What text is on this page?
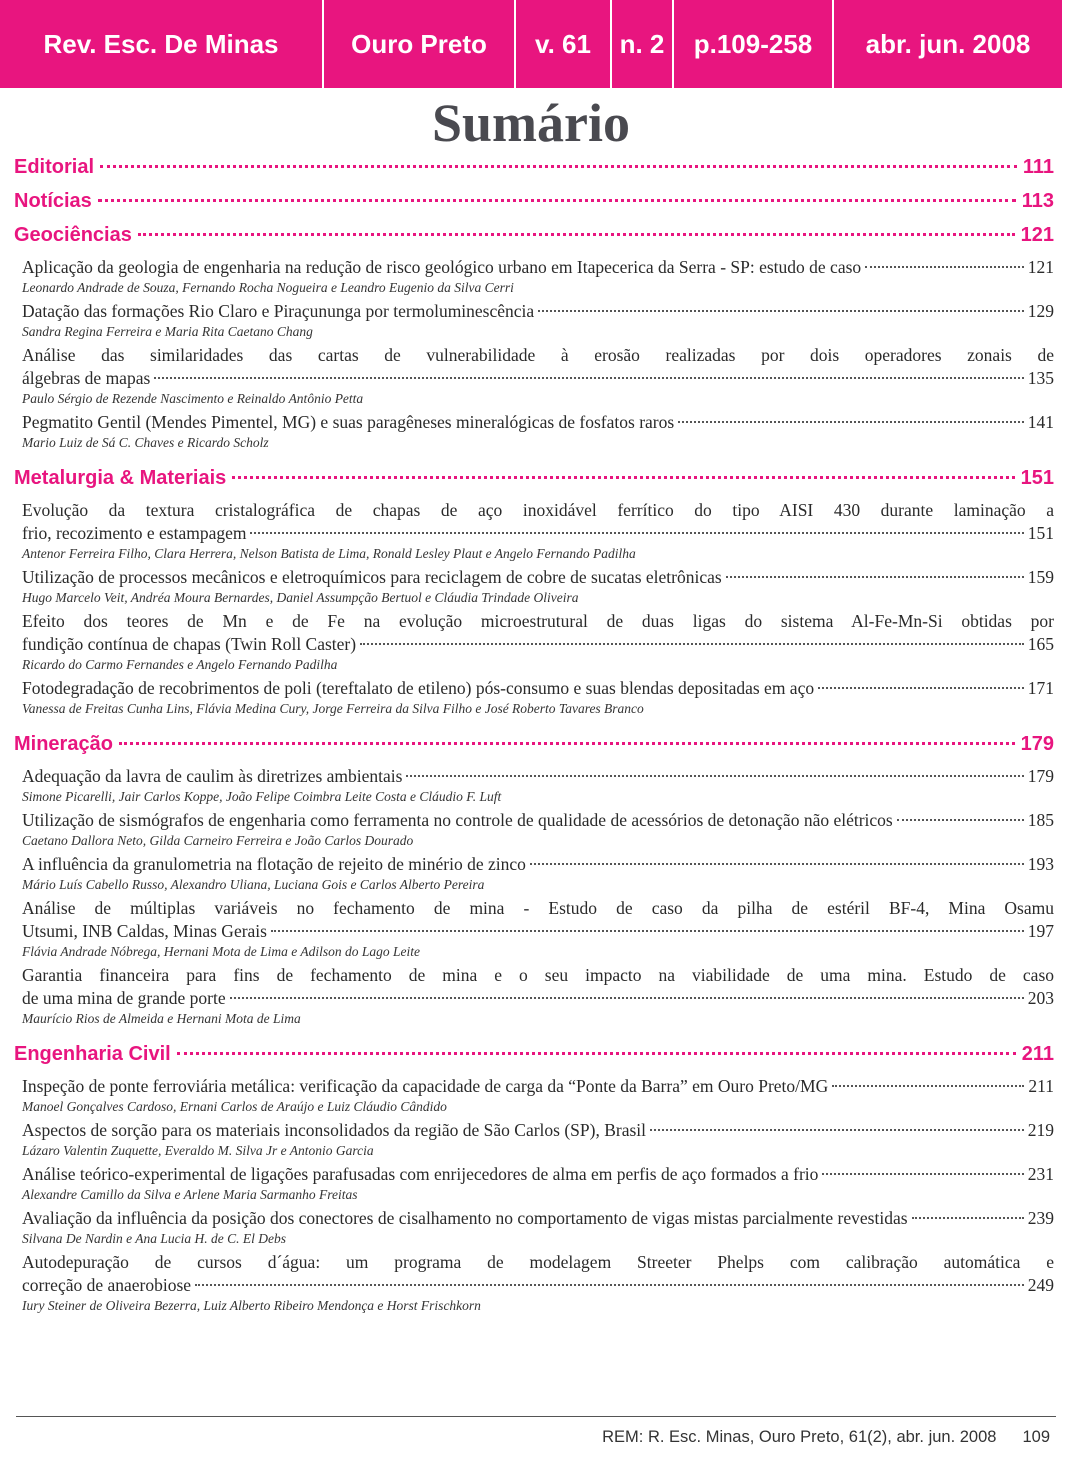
Rev. Esc. De Minas	Ouro Preto	v. 61	n. 2	p.109-258	abr. jun. 2008
Sumário
Editorial	111
Notícias	113
Geociências	121
Aplicação da geologia de engenharia na redução de risco geológico urbano em Itapecerica da Serra - SP: estudo de caso	121
Leonardo Andrade de Souza, Fernando Rocha Nogueira e Leandro Eugenio da Silva Cerri
Datação das formações Rio Claro e Piraçununga por termoluminescência	129
Sandra Regina Ferreira e Maria Rita Caetano Chang
Análise das similaridades das cartas de vulnerabilidade à erosão realizadas por dois operadores zonais de
álgebras de mapas	135
Paulo Sérgio de Rezende Nascimento e Reinaldo Antônio Petta
Pegmatito Gentil (Mendes Pimentel, MG) e suas paragêneses mineralógicas de fosfatos raros	141
Mario Luiz de Sá C. Chaves e Ricardo Scholz
Metalurgia & Materiais	151
Evolução da textura cristalográfica de chapas de aço inoxidável ferrítico do tipo AISI 430 durante laminação a
frio, recozimento e estampagem	151
Antenor Ferreira Filho, Clara Herrera, Nelson Batista de Lima, Ronald Lesley Plaut e Angelo Fernando Padilha
Utilização de processos mecânicos e eletroquímicos para reciclagem de cobre de sucatas eletrônicas	159
Hugo Marcelo Veit, Andréa Moura Bernardes, Daniel Assumpção Bertuol e Cláudia Trindade Oliveira
Efeito dos teores de Mn e de Fe na evolução microestrutural de duas ligas do sistema Al-Fe-Mn-Si obtidas por
fundição contínua de chapas (Twin Roll Caster)	165
Ricardo do Carmo Fernandes e Angelo Fernando Padilha
Fotodegradação de recobrimentos de poli (tereftalato de etileno) pós-consumo e suas blendas depositadas em aço	171
Vanessa de Freitas Cunha Lins, Flávia Medina Cury, Jorge Ferreira da Silva Filho e José Roberto Tavares Branco
Mineração	179
Adequação da lavra de caulim às diretrizes ambientais	179
Simone Picarelli, Jair Carlos Koppe, João Felipe Coimbra Leite Costa e Cláudio F. Luft
Utilização de sismógrafos de engenharia como ferramenta no controle de qualidade de acessórios de detonação não elétricos	185
Caetano Dallora Neto, Gilda Carneiro Ferreira e João Carlos Dourado
A influência da granulometria na flotação de rejeito de minério de zinco	193
Mário Luís Cabello Russo, Alexandro Uliana, Luciana Gois e Carlos Alberto Pereira
Análise de múltiplas variáveis no fechamento de mina - Estudo de caso da pilha de estéril BF-4, Mina Osamu
Utsumi, INB Caldas, Minas Gerais	197
Flávia Andrade Nóbrega, Hernani Mota de Lima e Adilson do Lago Leite
Garantia financeira para fins de fechamento de mina e o seu impacto na viabilidade de uma mina. Estudo de caso
de uma mina de grande porte	203
Maurício Rios de Almeida e Hernani Mota de Lima
Engenharia Civil	211
Inspeção de ponte ferroviária metálica: verificação da capacidade de carga da “Ponte da Barra” em Ouro Preto/MG	211
Manoel Gonçalves Cardoso, Ernani Carlos de Araújo e Luiz Cláudio Cândido
Aspectos de sorção para os materiais inconsolidados da região de São Carlos (SP), Brasil	219
Lázaro Valentin Zuquette, Everaldo M. Silva Jr e Antonio Garcia
Análise teórico-experimental de ligações parafusadas com enrijecedores de alma em perfis de aço formados a frio	231
Alexandre Camillo da Silva e Arlene Maria Sarmanho Freitas
Avaliação da influência da posição dos conectores de cisalhamento no comportamento de vigas mistas parcialmente revestidas	239
Silvana De Nardin e Ana Lucia H. de C. El Debs
Autodepuração de cursos d´água: um programa de modelagem Streeter Phelps com calibração automática e
correção de anaerobiose	249
Iury Steiner de Oliveira Bezerra, Luiz Alberto Ribeiro Mendonça e Horst Frischkorn
REM: R. Esc. Minas, Ouro Preto, 61(2), abr. jun. 2008 109
